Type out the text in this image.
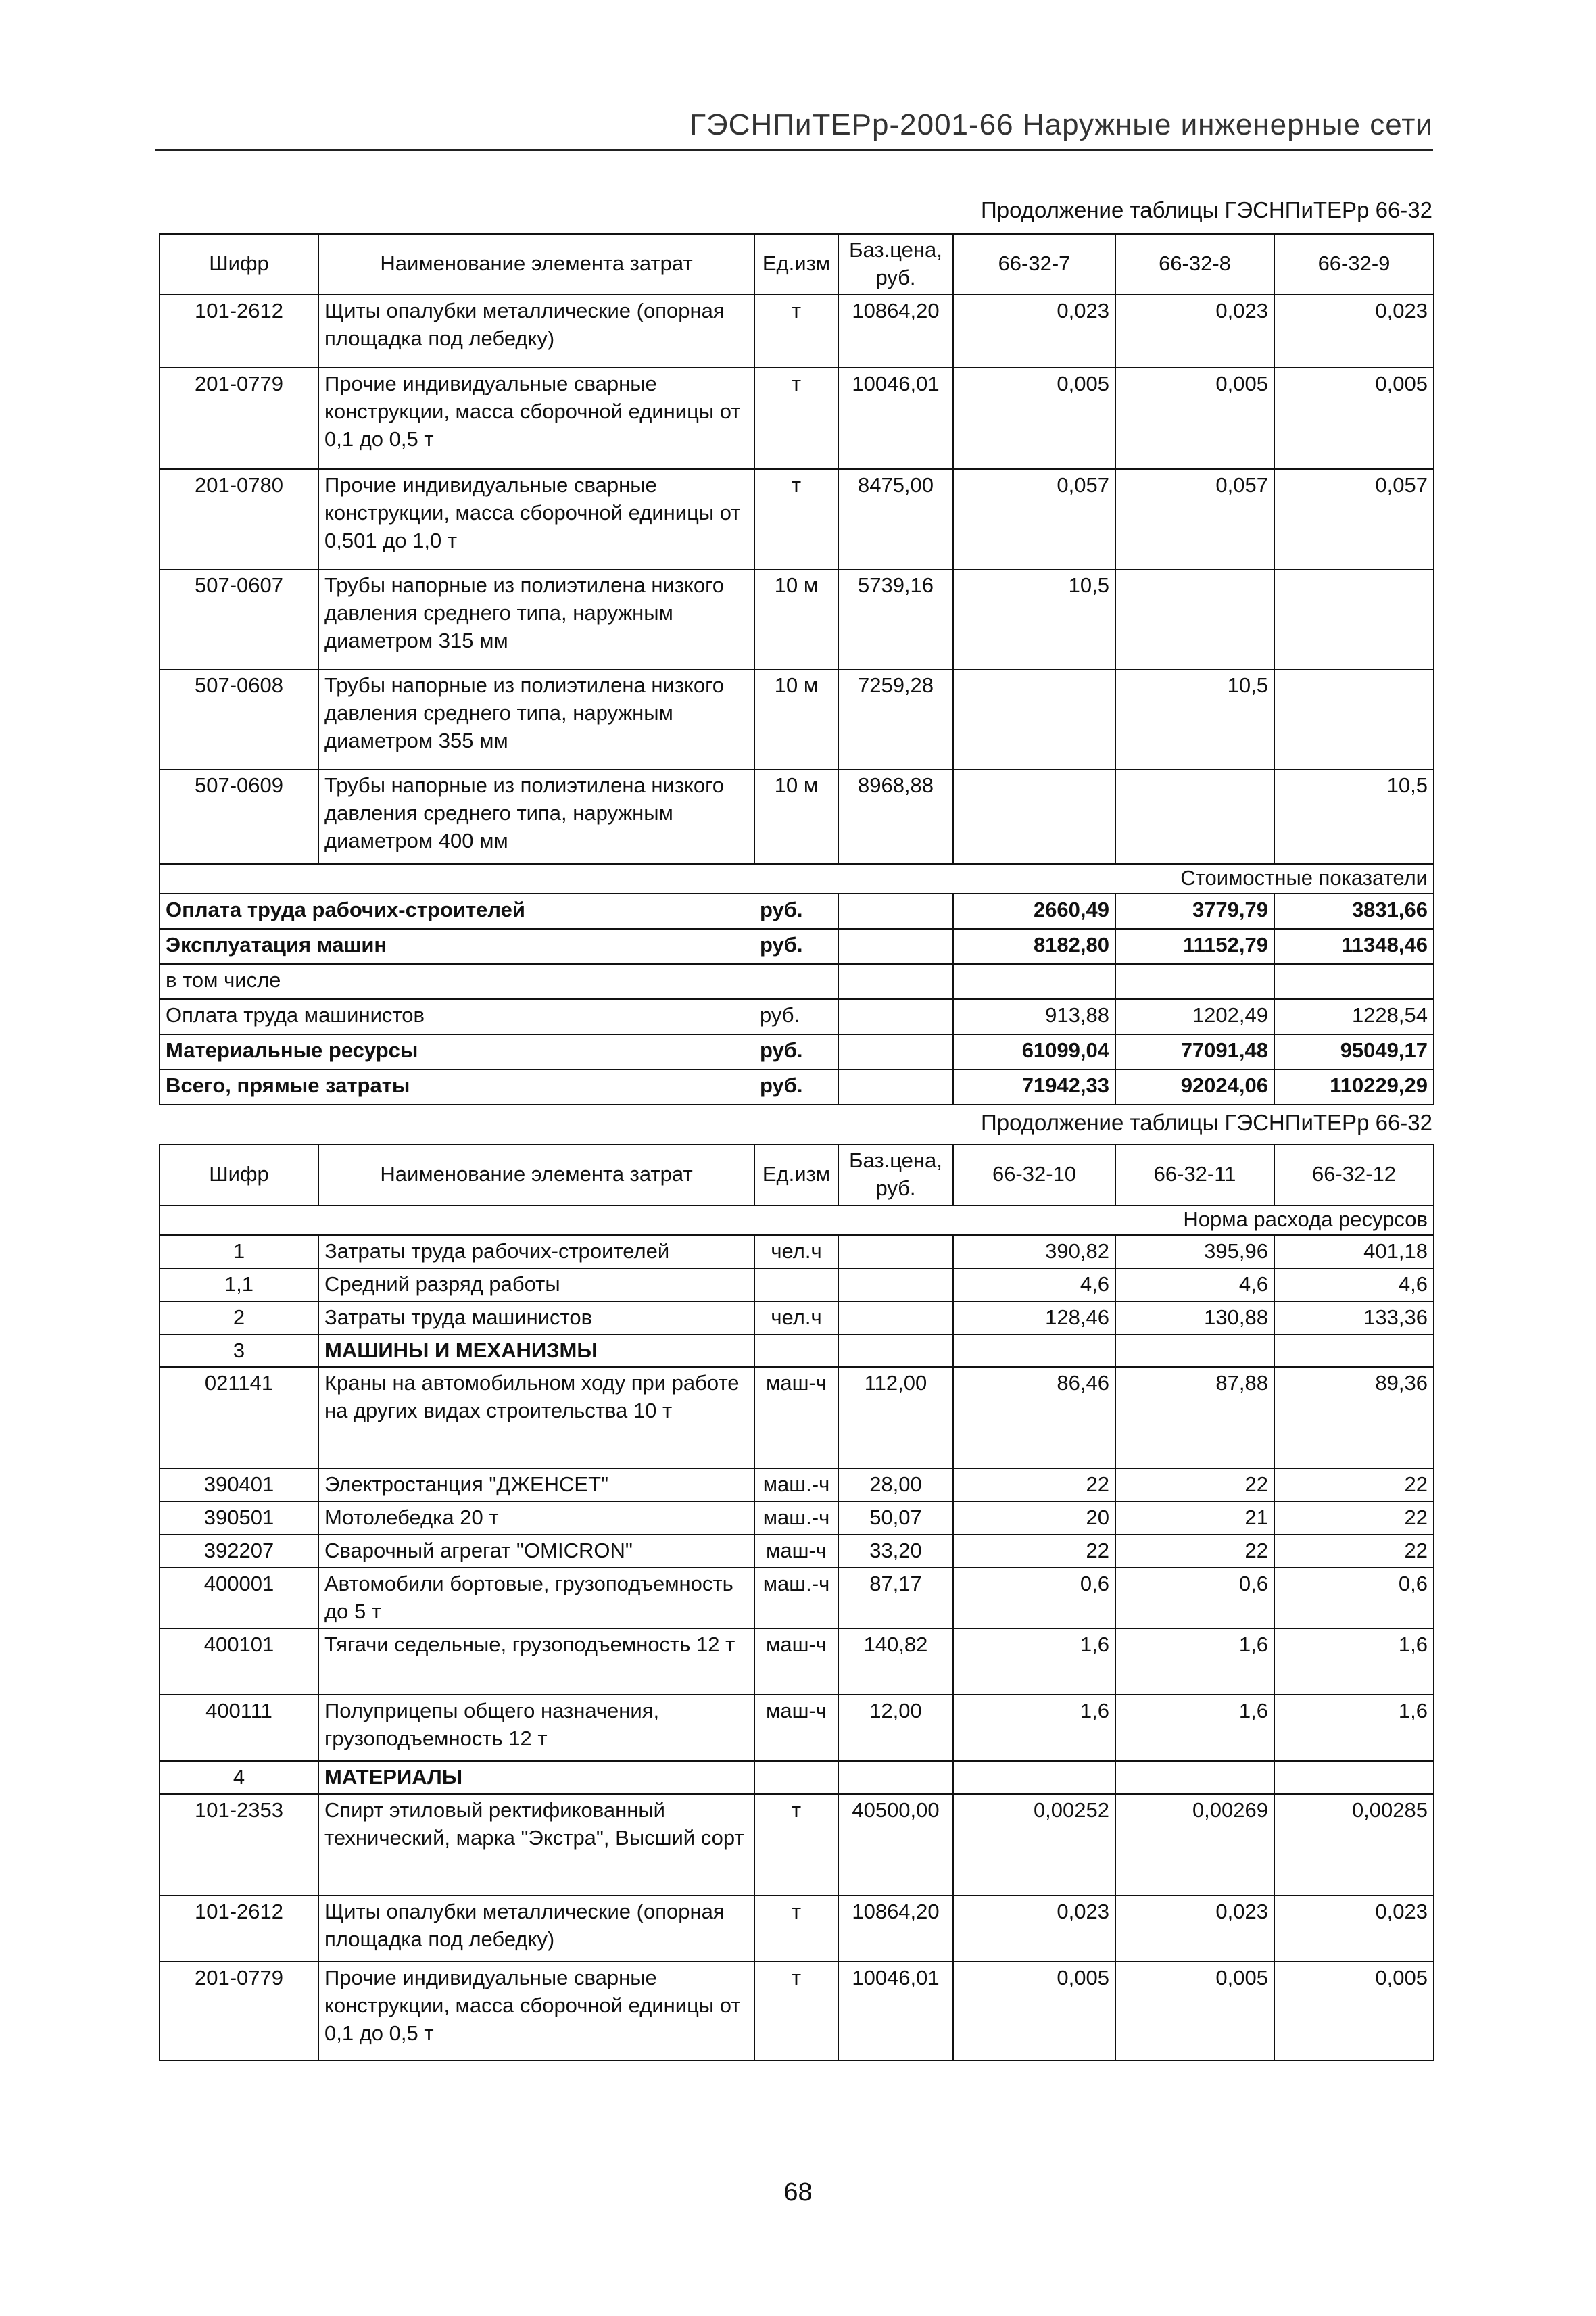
ГЭСНПиТЕРр-2001-66 Наружные инженерные сети
Продолжение таблицы ГЭСНПиТЕРр 66-32
Шифр	Наименование элемента затрат	Ед.изм	Баз.цена, руб.	66-32-7	66-32-8	66-32-9
101-2612	Щиты опалубки металлические (опорная площадка под лебедку)	т	10864,20	0,023	0,023	0,023
201-0779	Прочие индивидуальные сварные конструкции, масса сборочной единицы от 0,1 до 0,5 т	т	10046,01	0,005	0,005	0,005
201-0780	Прочие индивидуальные сварные конструкции, масса сборочной единицы от 0,501 до 1,0 т	т	8475,00	0,057	0,057	0,057
507-0607	Трубы напорные из полиэтилена низкого давления среднего типа, наружным диаметром 315 мм	10 м	5739,16	10,5		
507-0608	Трубы напорные из полиэтилена низкого давления среднего типа, наружным диаметром 355 мм	10 м	7259,28		10,5	
507-0609	Трубы напорные из полиэтилена низкого давления среднего типа, наружным диаметром 400 мм	10 м	8968,88			10,5
Стоимостные показатели						
Оплата труда рабочих-строителей		руб.		2660,49	3779,79	3831,66
Эксплуатация машин		руб.		8182,80	11152,79	11348,46
в том числе						
Оплата труда машинистов		руб.		913,88	1202,49	1228,54
Материальные ресурсы		руб.		61099,04	77091,48	95049,17
Всего, прямые затраты		руб.		71942,33	92024,06	110229,29
Продолжение таблицы ГЭСНПиТЕРр 66-32
Шифр	Наименование элемента затрат	Ед.изм	Баз.цена, руб.	66-32-10	66-32-11	66-32-12
Норма расхода ресурсов						
1	Затраты труда рабочих-строителей	чел.ч		390,82	395,96	401,18
1,1	Средний разряд работы			4,6	4,6	4,6
2	Затраты труда машинистов	чел.ч		128,46	130,88	133,36
3	МАШИНЫ И МЕХАНИЗМЫ					
021141	Краны на автомобильном ходу при работе на других видах строительства 10 т	маш-ч	112,00	86,46	87,88	89,36
390401	Электростанция "ДЖЕНСЕТ"	маш.-ч	28,00	22	22	22
390501	Мотолебедка 20 т	маш.-ч	50,07	20	21	22
392207	Сварочный агрегат "OMICRON"	маш-ч	33,20	22	22	22
400001	Автомобили бортовые, грузоподъемность до 5 т	маш.-ч	87,17	0,6	0,6	0,6
400101	Тягачи седельные, грузоподъемность 12 т	маш-ч	140,82	1,6	1,6	1,6
400111	Полуприцепы общего назначения, грузоподъемность 12 т	маш-ч	12,00	1,6	1,6	1,6
4	МАТЕРИАЛЫ					
101-2353	Спирт этиловый ректификованный технический, марка "Экстра", Высший сорт	т	40500,00	0,00252	0,00269	0,00285
101-2612	Щиты опалубки металлические (опорная площадка под лебедку)	т	10864,20	0,023	0,023	0,023
201-0779	Прочие индивидуальные сварные конструкции, масса сборочной единицы от 0,1 до 0,5 т	т	10046,01	0,005	0,005	0,005
68
